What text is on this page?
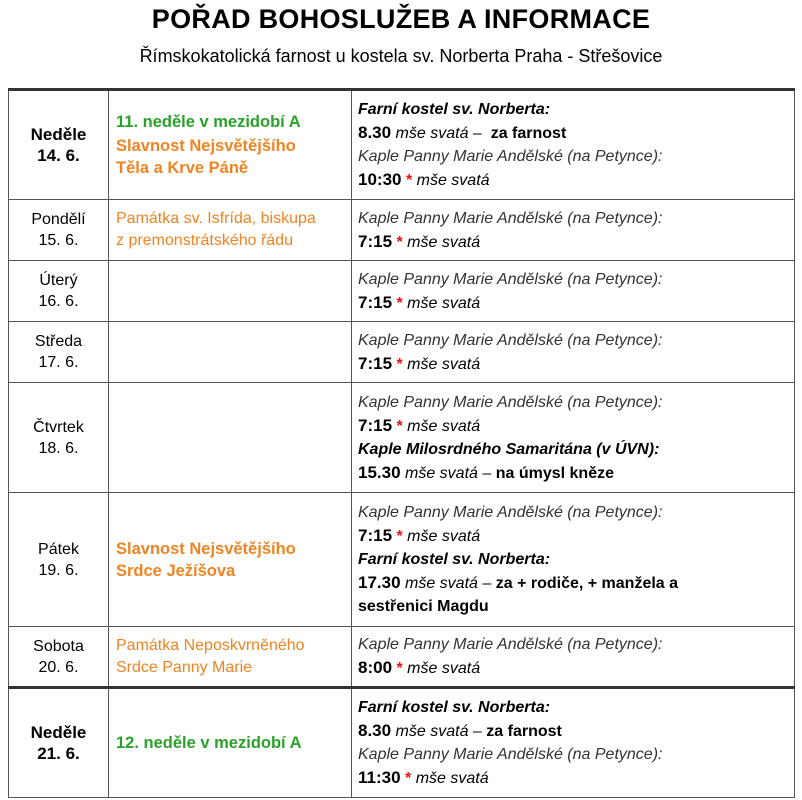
POŘAD BOHOSLUŽEB A INFORMACE
Římskokatolická farnost u kostela sv. Norberta Praha - Střešovice
Neděle
14. 6.	11. neděle v mezidobí A
Slavnost Nejsvětějšího
Těla a Krve Páně	Farní kostel sv. Norberta:
8.30 mše svatá – za farnost
Kaple Panny Marie Andělské (na Petynce):
10:30 * mše svatá

Pondělí
15. 6.	Památka sv. Isfrída, biskupa
z premonstrátského řádu	Kaple Panny Marie Andělské (na Petynce):
7:15 * mše svatá

Úterý
16. 6.		Kaple Panny Marie Andělské (na Petynce):
7:15 * mše svatá

Středa
17. 6.		Kaple Panny Marie Andělské (na Petynce):
7:15 * mše svatá

Čtvrtek
18. 6.		Kaple Panny Marie Andělské (na Petynce):
7:15 * mše svatá
Kaple Milosrdného Samaritána (v ÚVN):
15.30 mše svatá – na úmysl kněze

Pátek
19. 6.	Slavnost Nejsvětějšího
Srdce Ježíšova	Kaple Panny Marie Andělské (na Petynce):
7:15 * mše svatá
Farní kostel sv. Norberta:
17.30 mše svatá – za + rodiče, + manžela a
sestřenici Magdu

Sobota
20. 6.	Památka Neposkvrněného
Srdce Panny Marie	Kaple Panny Marie Andělské (na Petynce):
8:00 * mše svatá

Neděle
21. 6.	12. neděle v mezidobí A	Farní kostel sv. Norberta:
8.30 mše svatá – za farnost
Kaple Panny Marie Andělské (na Petynce):
11:30 * mše svatá
